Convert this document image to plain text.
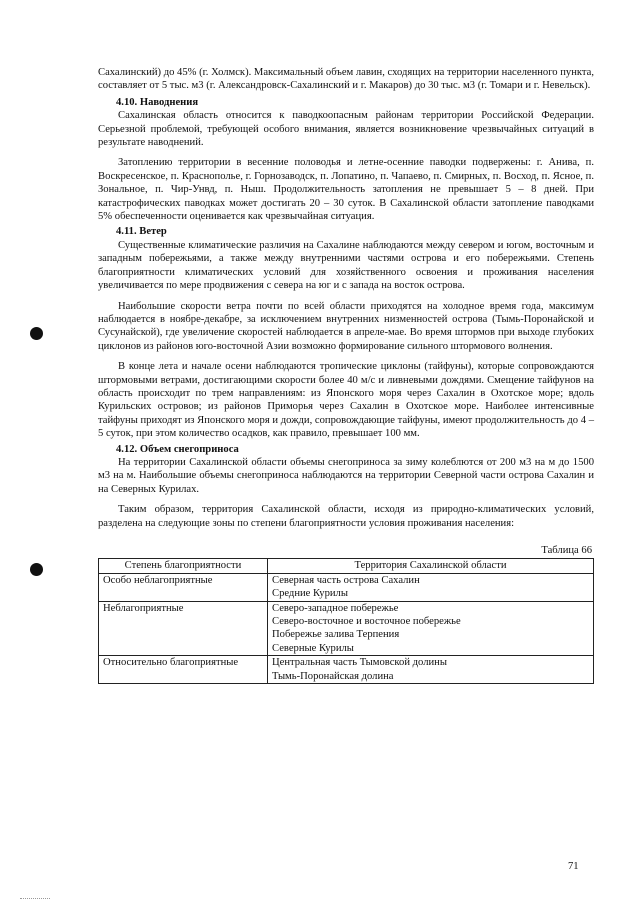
Сахалинский) до 45% (г. Холмск). Максимальный объем лавин, сходящих на территории населенного пункта, составляет от 5 тыс. м3 (г. Александровск-Сахалинский и г. Макаров) до 30 тыс. м3 (г. Томари и г. Невельск).

4.10. Наводнения

Сахалинская область относится к паводкоопасным районам территории Российской Федерации. Серьезной проблемой, требующей особого внимания, является возникновение чрезвычайных ситуаций в результате наводнений.

Затоплению территории в весенние половодья и летне-осенние паводки подвержены: г. Анива, п. Воскресенское, п. Краснополье, г. Горнозаводск, п. Лопатино, п. Чапаево, п. Смирных, п. Восход, п. Ясное, п. Зональное, п. Чир-Унвд, п. Ныш. Продолжительность затопления не превышает 5 – 8 дней. При катастрофических паводках может достигать 20 – 30 суток. В Сахалинской области затопление паводками 5% обеспеченности оценивается как чрезвычайная ситуация.

4.11. Ветер

Существенные климатические различия на Сахалине наблюдаются между севером и югом, восточным и западным побережьями, а также между внутренними частями острова и его побережьями. Степень благоприятности климатических условий для хозяйственного освоения и проживания населения увеличивается по мере продвижения с севера на юг и с запада на восток острова.

Наибольшие скорости ветра почти по всей области приходятся на холодное время года, максимум наблюдается в ноябре-декабре, за исключением внутренних низменностей острова (Тымь-Поронайской и Сусунайской), где увеличение скоростей наблюдается в апреле-мае. Во время штормов при выходе глубоких циклонов из районов юго-восточной Азии возможно формирование сильного штормового волнения.

В конце лета и начале осени наблюдаются тропические циклоны (тайфуны), которые сопровождаются штормовыми ветрами, достигающими скорости более 40 м/с и ливневыми дождями. Смещение тайфунов на область происходит по трем направлениям: из Японского моря через Сахалин в Охотское море; вдоль Курильских островов; из районов Приморья через Сахалин в Охотское море. Наиболее интенсивные тайфуны приходят из Японского моря и дожди, сопровождающие тайфуны, имеют продолжительность до 4 – 5 суток, при этом количество осадков, как правило, превышает 100 мм.

4.12. Объем снегоприноса

На территории Сахалинской области объемы снегоприноса за зиму колеблются от 200 м3 на м до 1500 м3 на м. Наибольшие объемы снегоприноса наблюдаются на территории Северной части острова Сахалин и на Северных Курилах.

Таким образом, территория Сахалинской области, исходя из природно-климатических условий, разделена на следующие зоны по степени благоприятности условия проживания населения:

Таблица 66
Степень благоприятности	Территория Сахалинской области
Особо неблагоприятные	Северная часть острова Сахалин
Средние Курилы

Неблагоприятные	Северо-западное побережье
Северо-восточное и восточное побережье
Побережье залива Терпения
Северные Курилы

Относительно благоприятные	Центральная часть Тымовской долины
Тымь-Поронайская долина
71
